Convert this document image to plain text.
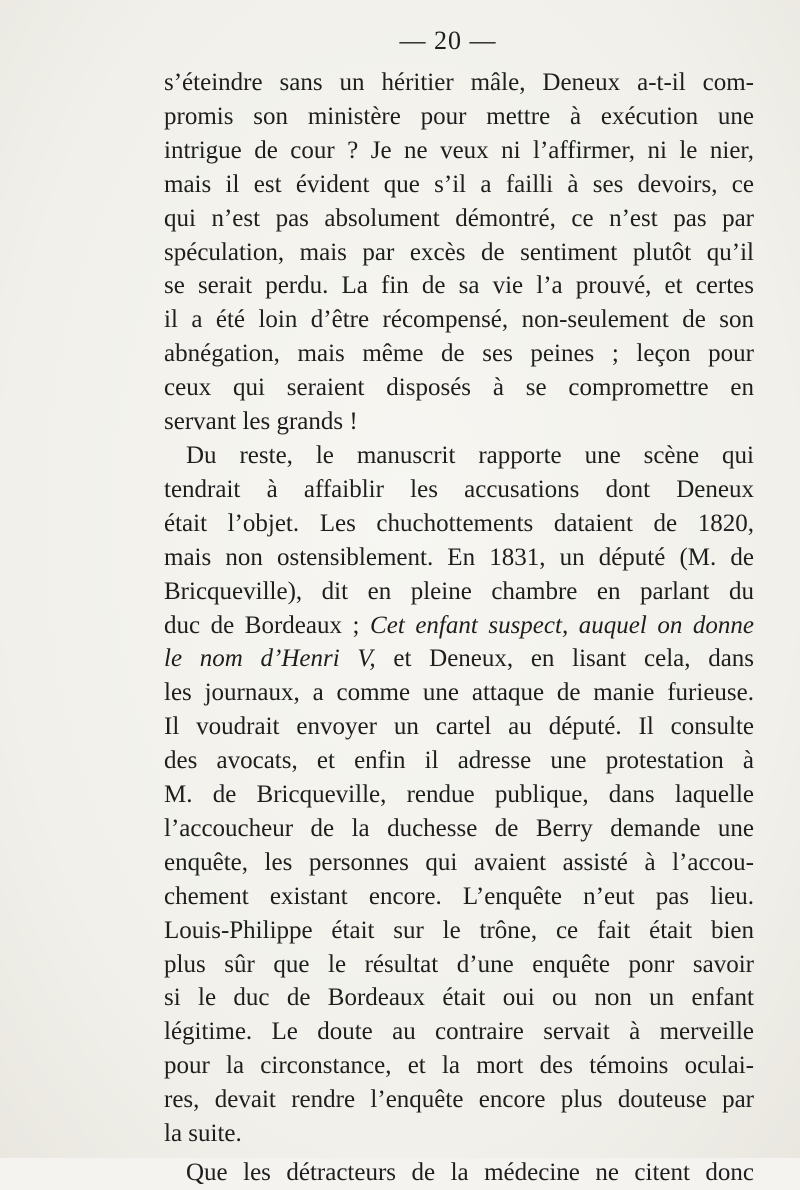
— 20 —

s’éteindre sans un héritier mâle, Deneux a-t-il com-
promis son ministère pour mettre à exécution une
intrigue de cour ? Je ne veux ni l’affirmer, ni le nier,
mais il est évident que s’il a failli à ses devoirs, ce
qui n’est pas absolument démontré, ce n’est pas par
spéculation, mais par excès de sentiment plutôt qu’il
se serait perdu. La fin de sa vie l’a prouvé, et certes
il a été loin d’être récompensé, non-seulement de son
abnégation, mais même de ses peines ; leçon pour
ceux qui seraient disposés à se compromettre en
servant les grands !

Du reste, le manuscrit rapporte une scène qui
tendrait à affaiblir les accusations dont Deneux
était l’objet. Les chuchottements dataient de 1820,
mais non ostensiblement. En 1831, un député (M. de
Bricqueville), dit en pleine chambre en parlant du
duc de Bordeaux ; Cet enfant suspect, auquel on donne
le nom d’Henri V, et Deneux, en lisant cela, dans
les journaux, a comme une attaque de manie furieuse.
Il voudrait envoyer un cartel au député. Il consulte
des avocats, et enfin il adresse une protestation à
M. de Bricqueville, rendue publique, dans laquelle
l’accoucheur de la duchesse de Berry demande une
enquête, les personnes qui avaient assisté à l’accou-
chement existant encore. L’enquête n’eut pas lieu.
Louis-Philippe était sur le trône, ce fait était bien
plus sûr que le résultat d’une enquête ponr savoir
si le duc de Bordeaux était oui ou non un enfant
légitime. Le doute au contraire servait à merveille
pour la circonstance, et la mort des témoins oculai-
res, devait rendre l’enquête encore plus douteuse par
la suite.

Que les détracteurs de la médecine ne citent donc
